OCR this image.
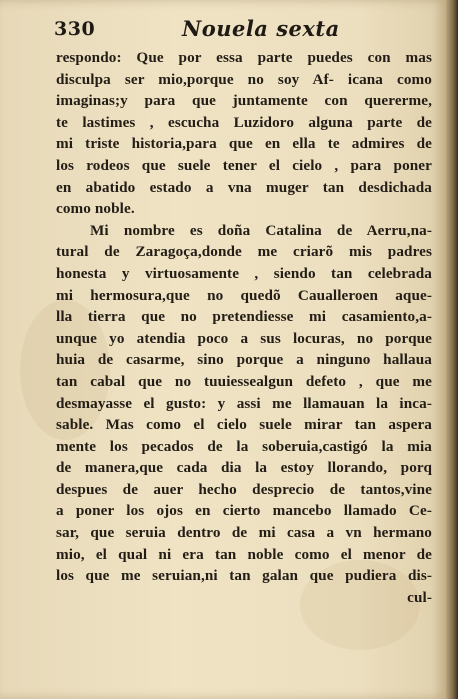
330	Nouela sexta
respondo: Que por essa parte puedes con mas
disculpa ser mio,porque no soy Af- icana como
imaginas;y para que juntamente con quererme,
te lastimes , escucha Luzidoro alguna parte de
mi triste historia,para que en ella te admires de
los rodeos que suele tener el cielo , para poner
en abatido estado a vna muger tan desdichada
como noble.
Mi nombre es doña Catalina de Aerru,na-
tural de Zaragoça,donde me criarõ mis padres
honesta y virtuosamente , siendo tan celebrada
mi hermosura,que no quedõ Caualleroen aque-
lla tierra que no pretendiesse mi casamiento,a-
unque yo atendia poco a sus locuras, no porque
huia de casarme, sino porque a ninguno hallaua
tan cabal que no tuuiessealgun defeto , que me
desmayasse el gusto: y assi me llamauan la inca-
sable. Mas como el cielo suele mirar tan aspera
mente los pecados de la soberuia,castigó la mia
de manera,que cada dia la estoy llorando, porq
despues de auer hecho desprecio de tantos,vine
a poner los ojos en cierto mancebo llamado Ce-
sar, que seruia dentro de mi casa a vn hermano
mio, el qual ni era tan noble como el menor de
los que me seruian,ni tan galan que pudiera dis-
cul-
